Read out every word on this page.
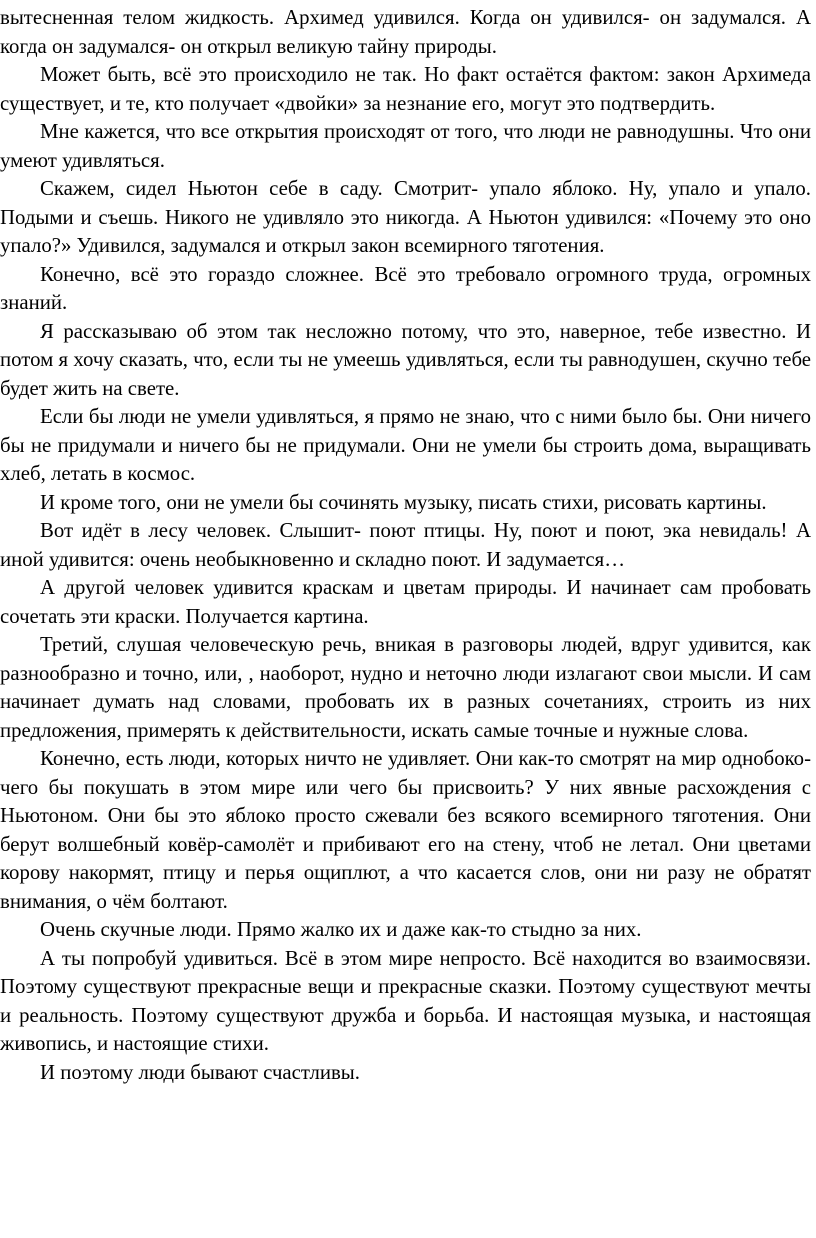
вытесненная телом жидкость. Архимед удивился. Когда он удивился- он задумался. А когда он задумался- он открыл великую тайну природы.

Может быть, всё это происходило не так. Но факт остаётся фактом: закон Архимеда существует, и те, кто получает «двойки» за незнание его, могут это подтвердить.

Мне кажется, что все открытия происходят от того, что люди не равнодушны. Что они умеют удивляться.

Скажем, сидел Ньютон себе в саду. Смотрит- упало яблоко. Ну, упало и упало. Подыми и съешь. Никого не удивляло это никогда. А Ньютон удивился: «Почему это оно упало?» Удивился, задумался и открыл закон всемирного тяготения.

Конечно, всё это гораздо сложнее. Всё это требовало огромного труда, огромных знаний.

Я рассказываю об этом так несложно потому, что это, наверное, тебе известно. И потом я хочу сказать, что, если ты не умеешь удивляться, если ты равнодушен, скучно тебе будет жить на свете.

Если бы люди не умели удивляться, я прямо не знаю, что с ними было бы. Они ничего бы не придумали и ничего бы не придумали. Они не умели бы строить дома, выращивать хлеб, летать в космос.

И кроме того, они не умели бы сочинять музыку, писать стихи, рисовать картины.

Вот идёт в лесу человек. Слышит- поют птицы. Ну, поют и поют, эка невидаль! А иной удивится: очень необыкновенно и складно поют. И задумается…

А другой человек удивится краскам и цветам природы. И начинает сам пробовать сочетать эти краски. Получается картина.

Третий, слушая человеческую речь, вникая в разговоры людей, вдруг удивится, как разнообразно и точно, или, , наоборот, нудно и неточно люди излагают свои мысли. И сам начинает думать над словами, пробовать их в разных сочетаниях, строить из них предложения, примерять к действительности, искать самые точные и нужные слова.

Конечно, есть люди, которых ничто не удивляет. Они как-то смотрят на мир однобоко- чего бы покушать в этом мире или чего бы присвоить? У них явные расхождения с Ньютоном. Они бы это яблоко просто сжевали без всякого всемирного тяготения. Они берут волшебный ковёр-самолёт и прибивают его на стену, чтоб не летал. Они цветами корову накормят, птицу и перья ощиплют, а что касается слов, они ни разу не обратят внимания, о чём болтают.

Очень скучные люди. Прямо жалко их и даже как-то стыдно за них.

А ты попробуй удивиться. Всё в этом мире непросто. Всё находится во взаимосвязи. Поэтому существуют прекрасные вещи и прекрасные сказки. Поэтому существуют мечты и реальность. Поэтому существуют дружба и борьба. И настоящая музыка, и настоящая живопись, и настоящие стихи.

И поэтому люди бывают счастливы.
